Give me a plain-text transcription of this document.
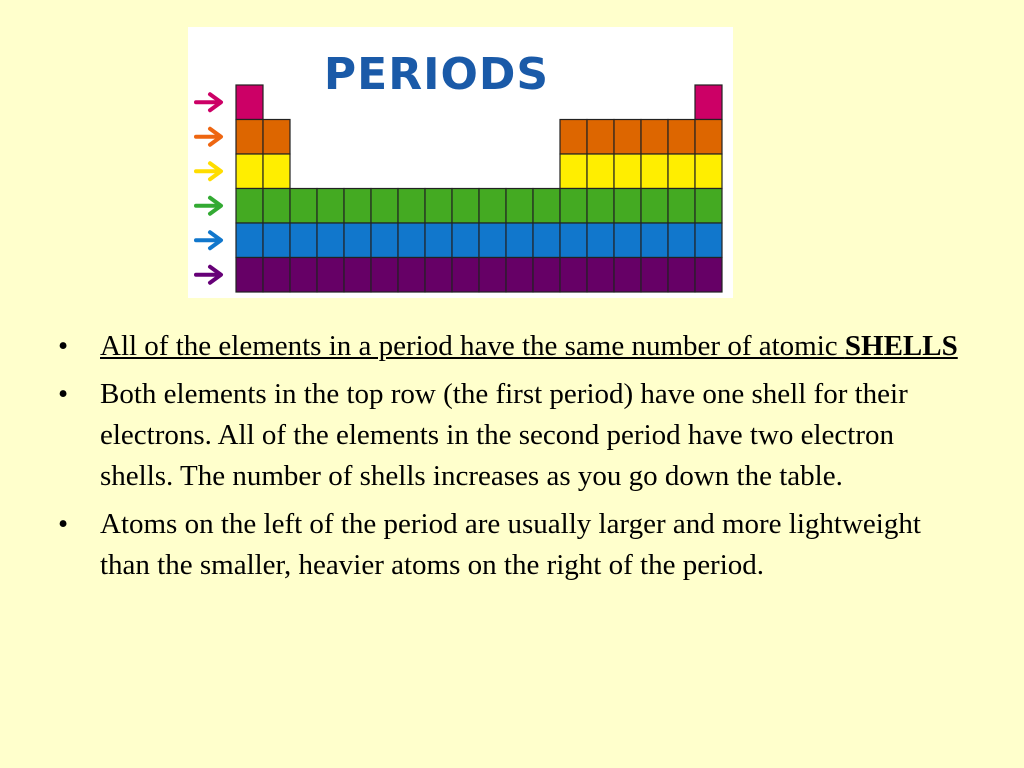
PERIODS
• All of the elements in a period have the same number of atomic SHELLS
• Both elements in the top row (the first period) have one shell for their electrons. All of the elements in the second period have two electron shells. The number of shells increases as you go down the table.
• Atoms on the left of the period are usually larger and more lightweight than the smaller, heavier atoms on the right of the period.
